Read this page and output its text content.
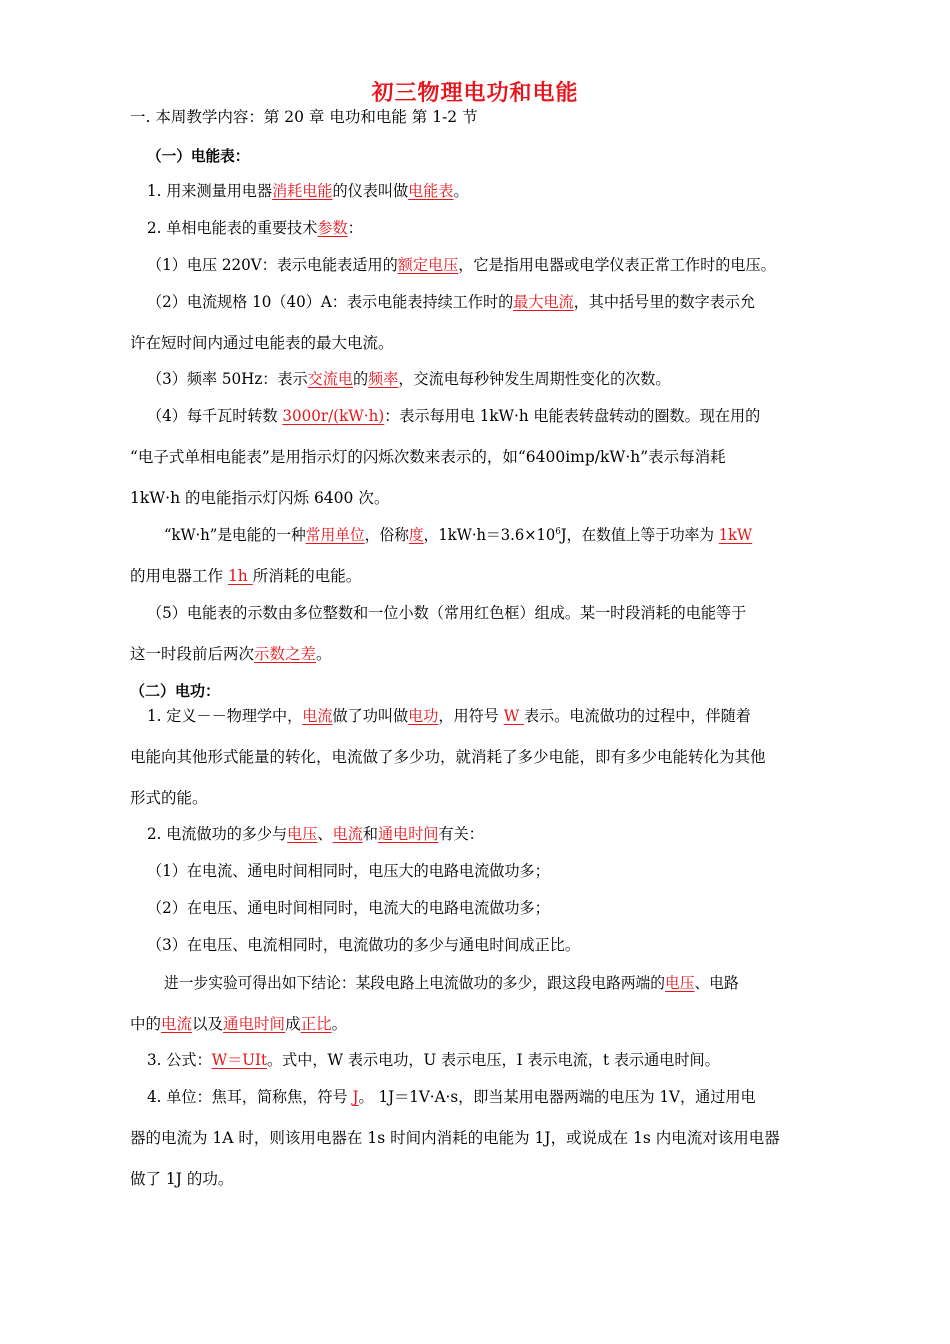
初三物理电功和电能
一. 本周教学内容：第 20 章 电功和电能 第 1-2 节
（一）电能表：
1. 用来测量用电器消耗电能的仪表叫做电能表。
2. 单相电能表的重要技术参数：
（1）电压 220V：表示电能表适用的额定电压，它是指用电器或电学仪表正常工作时的电压。
（2）电流规格 10（40）A：表示电能表持续工作时的最大电流，其中括号里的数字表示允
许在短时间内通过电能表的最大电流。
（3）频率 50Hz：表示交流电的频率，交流电每秒钟发生周期性变化的次数。
（4）每千瓦时转数 3000r/(kW·h)：表示每用电 1kW·h 电能表转盘转动的圈数。现在用的
“电子式单相电能表”是用指示灯的闪烁次数来表示的，如“6400imp/kW·h”表示每消耗
1kW·h 的电能指示灯闪烁 6400 次。
“kW·h”是电能的一种常用单位，俗称度，$1kW\cdot h=3.6\times 10^6J$，在数值上等于功率为 1kW
的用电器工作 1h 所消耗的电能。
（5）电能表的示数由多位整数和一位小数（常用红色框）组成。某一时段消耗的电能等于
这一时段前后两次示数之差。
（二）电功：
1. 定义－－物理学中，电流做了功叫做电功，用符号 W 表示。电流做功的过程中，伴随着
电能向其他形式能量的转化，电流做了多少功，就消耗了多少电能，即有多少电能转化为其他
形式的能。
2. 电流做功的多少与电压、电流和通电时间有关：
（1）在电流、通电时间相同时，电压大的电路电流做功多；
（2）在电压、通电时间相同时，电流大的电路电流做功多；
（3）在电压、电流相同时，电流做功的多少与通电时间成正比。
进一步实验可得出如下结论：某段电路上电流做功的多少，跟这段电路两端的电压、电路
中的电流以及通电时间成正比。
3. 公式：W＝UIt。式中，W 表示电功，U 表示电压，I 表示电流，t 表示通电时间。
4. 单位：焦耳，简称焦，符号 J。 1J＝1V·A·s，即当某用电器两端的电压为 1V，通过用电
器的电流为 1A 时，则该用电器在 1s 时间内消耗的电能为 1J，或说成在 1s 内电流对该用电器
做了 1J 的功。
